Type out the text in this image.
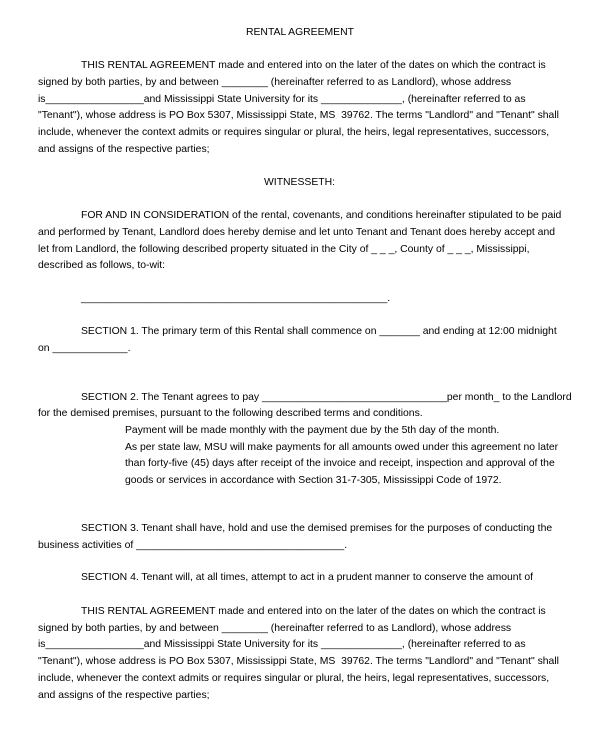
RENTAL AGREEMENT
THIS RENTAL AGREEMENT made and entered into on the later of the dates on which the contract is
signed by both parties, by and between ________ (hereinafter referred to as Landlord), whose address
is_________________and Mississippi State University for its ______________, (hereinafter referred to as
"Tenant"), whose address is PO Box 5307, Mississippi State, MS  39762. The terms "Landlord" and "Tenant" shall
include, whenever the context admits or requires singular or plural, the heirs, legal representatives, successors,
and assigns of the respective parties;
WITNESSETH:
FOR AND IN CONSIDERATION of the rental, covenants, and conditions hereinafter stipulated to be paid
and performed by Tenant, Landlord does hereby demise and let unto Tenant and Tenant does hereby accept and
let from Landlord, the following described property situated in the City of _ _ _, County of _ _ _, Mississippi,
described as follows, to-wit:
_____________________________________________________.
SECTION 1. The primary term of this Rental shall commence on _______ and ending at 12:00 midnight
on _____________.
SECTION 2. The Tenant agrees to pay ________________________________per month_ to the Landlord
for the demised premises, pursuant to the following described terms and conditions.
Payment will be made monthly with the payment due by the 5th day of the month.
As per state law, MSU will make payments for all amounts owed under this agreement no later
than forty-five (45) days after receipt of the invoice and receipt, inspection and approval of the
goods or services in accordance with Section 31-7-305, Mississippi Code of 1972.
SECTION 3. Tenant shall have, hold and use the demised premises for the purposes of conducting the
business activities of ____________________________________.
SECTION 4. Tenant will, at all times, attempt to act in a prudent manner to conserve the amount of
THIS RENTAL AGREEMENT made and entered into on the later of the dates on which the contract is
signed by both parties, by and between ________ (hereinafter referred to as Landlord), whose address
is_________________and Mississippi State University for its ______________, (hereinafter referred to as
"Tenant"), whose address is PO Box 5307, Mississippi State, MS  39762. The terms "Landlord" and "Tenant" shall
include, whenever the context admits or requires singular or plural, the heirs, legal representatives, successors,
and assigns of the respective parties;
